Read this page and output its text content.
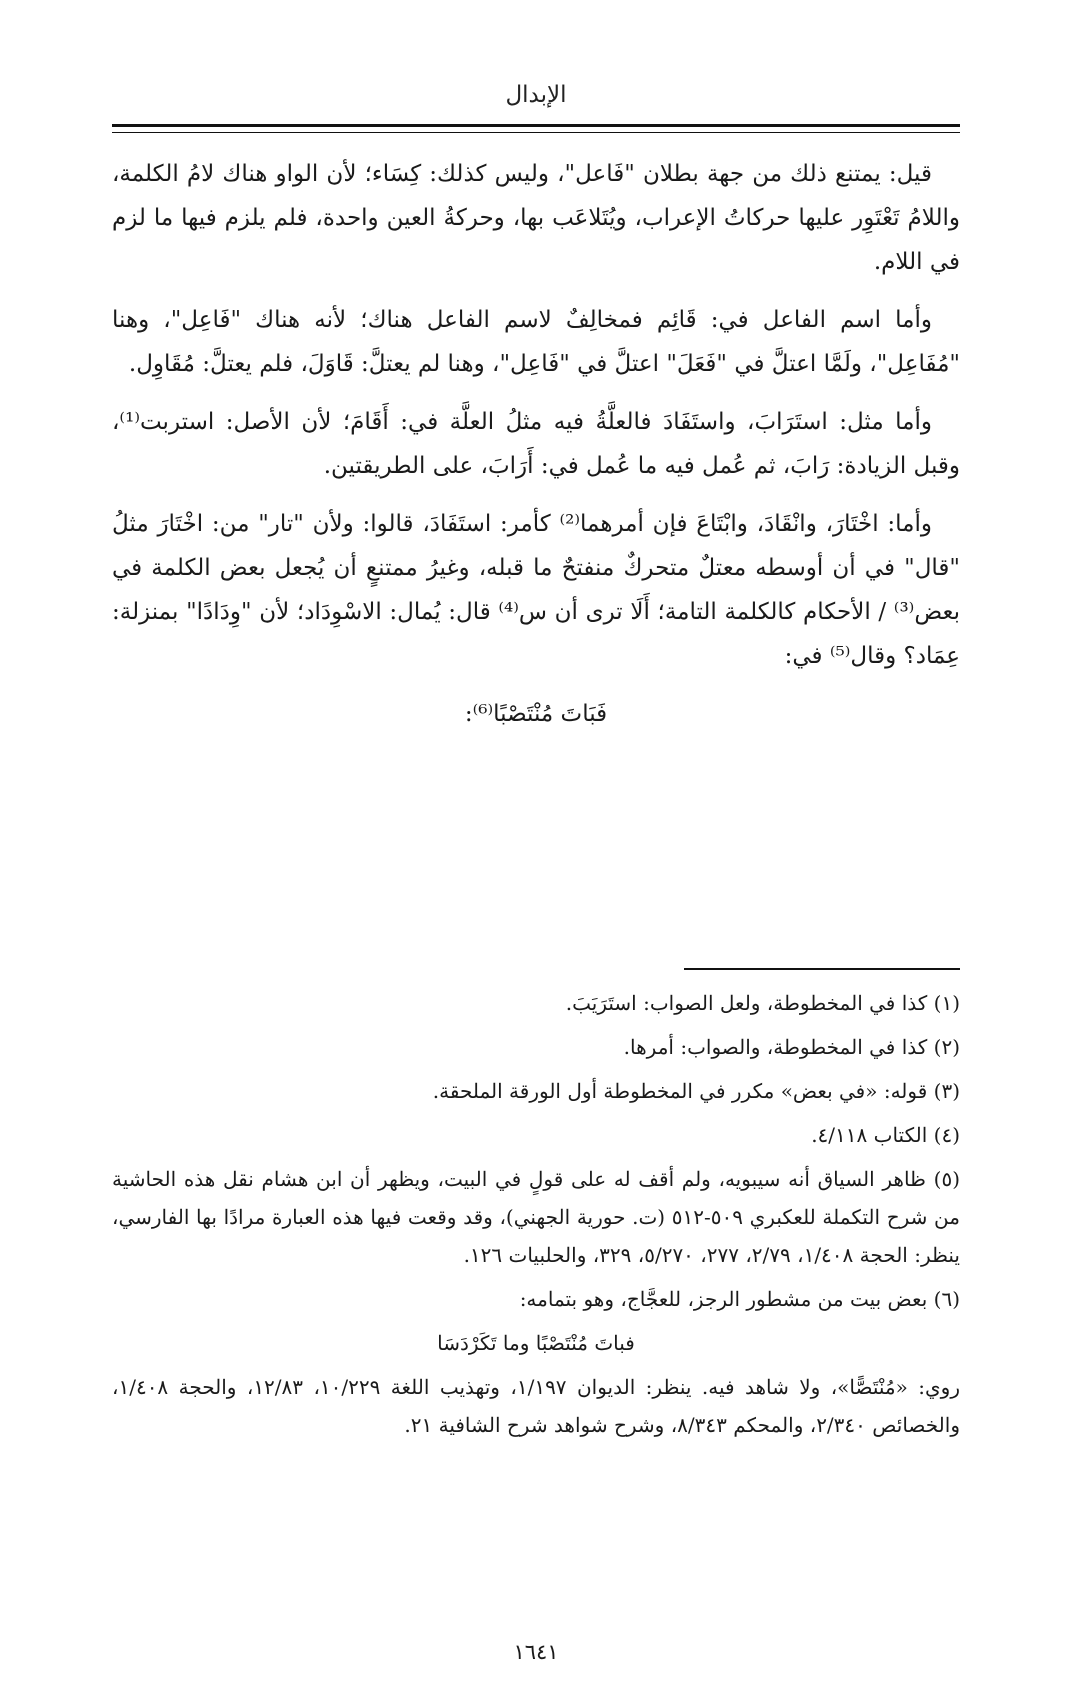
الإبدال

قيل: يمتنع ذلك من جهة بطلان "فَاعل"، وليس كذلك: كِسَاء؛ لأن الواو هناك لامُ الكلمة، واللامُ تَعْتَوِر عليها حركاتُ الإعراب، ويُتَلاعَب بها، وحركةُ العين واحدة، فلم يلزم فيها ما لزم في اللام.

وأما اسم الفاعل في: قَائِم فمخالِفٌ لاسم الفاعل هناك؛ لأنه هناك "فَاعِل"، وهنا "مُفَاعِل"، ولَمَّا اعتلَّ في "فَعَلَ" اعتلَّ في "فَاعِل"، وهنا لم يعتلَّ: قَاوَلَ، فلم يعتلَّ: مُقَاوِل.

وأما مثل: استَرَابَ، واستَفَادَ فالعلَّةُ فيه مثلُ العلَّة في: أَقَامَ؛ لأن الأصل: استربت⁽¹⁾، وقبل الزيادة: رَابَ، ثم عُمل فيه ما عُمل في: أَرَابَ، على الطريقتين.

وأما: اخْتَارَ، وانْقَادَ، وابْتَاعَ فإن أمرهما⁽²⁾ كأمر: استَفَادَ، قالوا: ولأن "تار" من: اخْتَارَ مثلُ "قال" في أن أوسطه معتلٌ متحركٌ منفتحٌ ما قبله، وغيرُ ممتنعٍ أن يُجعل بعض الكلمة في بعض⁽³⁾ / الأحكام كالكلمة التامة؛ أَلَا ترى أن س⁽⁴⁾ قال: يُمال: الاسْوِدَاد؛ لأن "وِدَادًا" بمنزلة: عِمَاد؟ وقال⁽⁵⁾ في:

فَبَاتَ مُنْتَصْبًا⁽⁶⁾:

(١) كذا في المخطوطة، ولعل الصواب: استَرَيَبَ.

(٢) كذا في المخطوطة، والصواب: أمرها.

(٣) قوله: «في بعض» مكرر في المخطوطة أول الورقة الملحقة.

(٤) الكتاب ٤/١١٨.

(٥) ظاهر السياق أنه سيبويه، ولم أقف له على قولٍ في البيت، ويظهر أن ابن هشام نقل هذه الحاشية من شرح التكملة للعكبري ٥٠٩-٥١٢ (ت. حورية الجهني)، وقد وقعت فيها هذه العبارة مرادًا بها الفارسي، ينظر: الحجة ١/٤٠٨، ٢/٧٩، ٢٧٧، ٥/٢٧٠، ٣٢٩، والحلبيات ١٢٦.

(٦) بعض بيت من مشطور الرجز، للعجَّاج، وهو بتمامه:

فباتَ مُنْتَصْبًا وما تَكَرْدَسَا

روي: «مُنْتَصًّا»، ولا شاهد فيه. ينظر: الديوان ١/١٩٧، وتهذيب اللغة ١٠/٢٢٩، ١٢/٨٣، والحجة ١/٤٠٨، والخصائص ٢/٣٤٠، والمحكم ٨/٣٤٣، وشرح شواهد شرح الشافية ٢١.

١٦٤١
